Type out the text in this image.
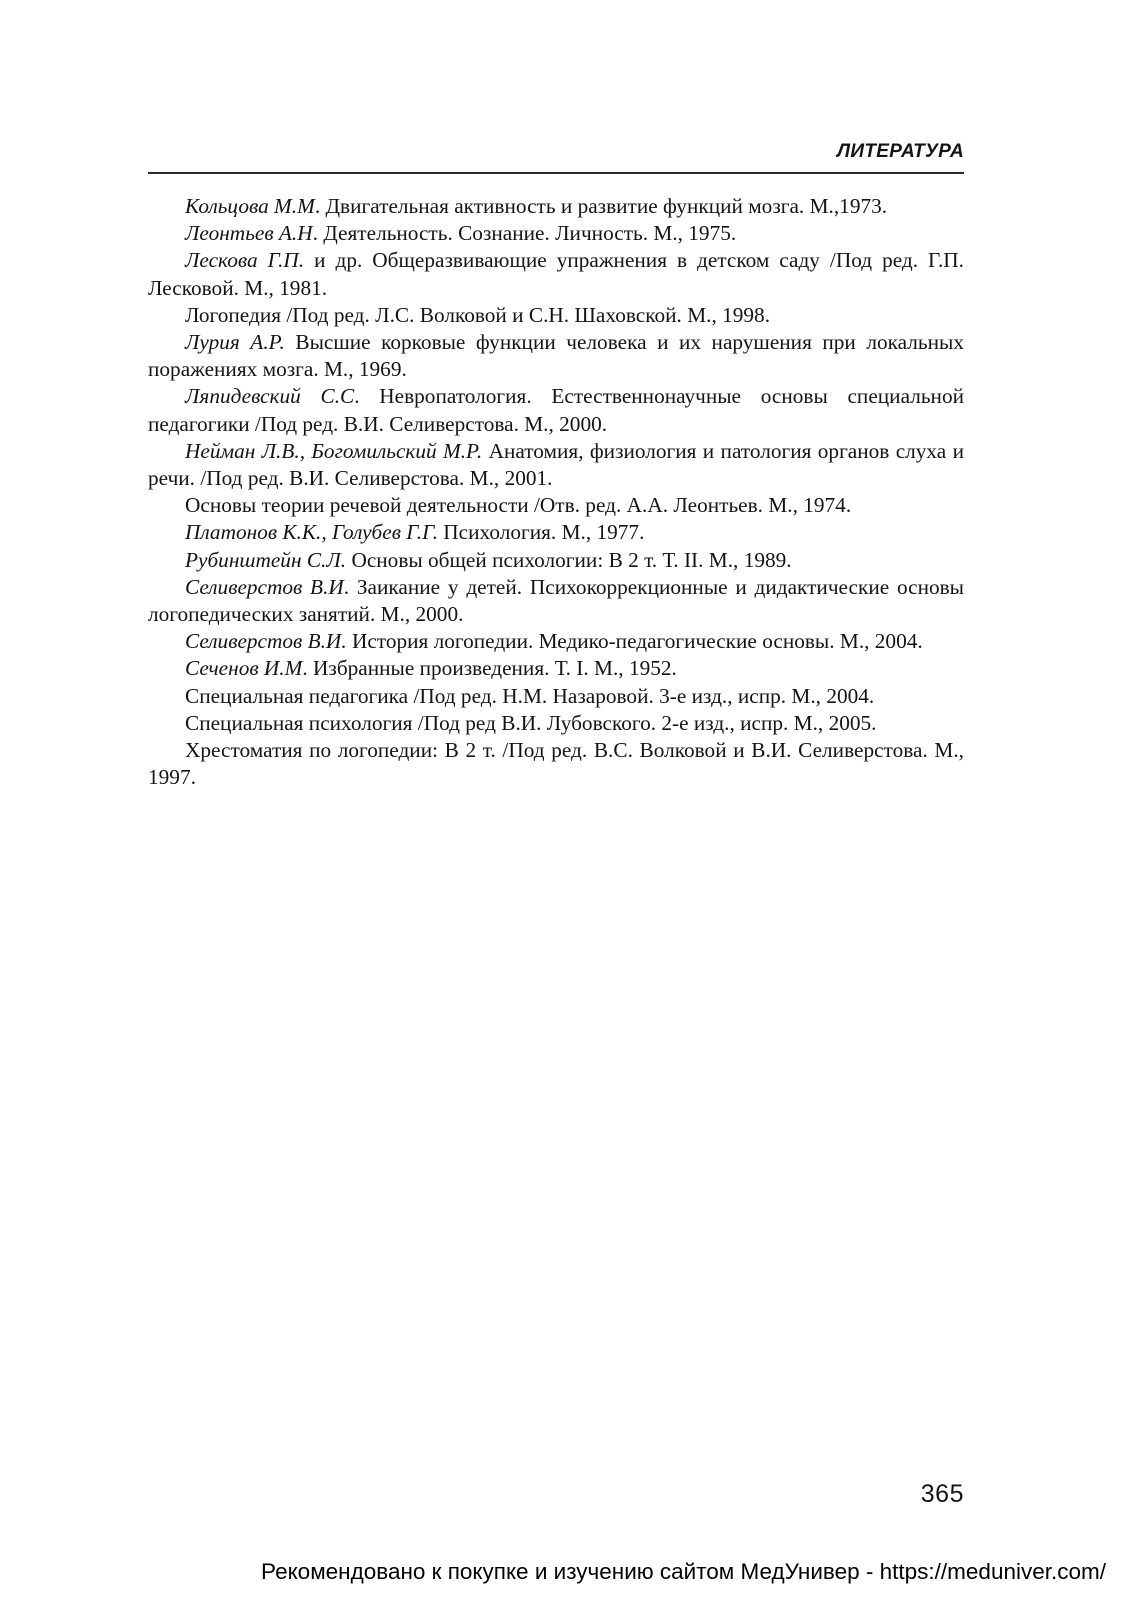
ЛИТЕРАТУРА

Кольцова М.М. Двигательная активность и развитие функций мозга. М.,1973.

Леонтьев А.Н. Деятельность. Сознание. Личность. М., 1975.

Лескова Г.П. и др. Общеразвивающие упражнения в детском саду /Под ред. Г.П. Лесковой. М., 1981.

Логопедия /Под ред. Л.С. Волковой и С.Н. Шаховской. М., 1998.

Лурия А.Р. Высшие корковые функции человека и их нарушения при локальных поражениях мозга. М., 1969.

Ляпидевский С.С. Невропатология. Естественнонаучные основы специальной педагогики /Под ред. В.И. Селиверстова. М., 2000.

Нейман Л.В., Богомильский М.Р. Анатомия, физиология и патология органов слуха и речи. /Под ред. В.И. Селиверстова. М., 2001.

Основы теории речевой деятельности /Отв. ред. А.А. Леонтьев. М., 1974.

Платонов К.К., Голубев Г.Г. Психология. М., 1977.

Рубинштейн С.Л. Основы общей психологии: В 2 т. Т. II. М., 1989.

Селиверстов В.И. Заикание у детей. Психокоррекционные и дидактические основы логопедических занятий. М., 2000.

Селиверстов В.И. История логопедии. Медико-педагогические основы. М., 2004.

Сеченов И.М. Избранные произведения. Т. I. М., 1952.

Специальная педагогика /Под ред. Н.М. Назаровой. 3-е изд., испр. М., 2004.

Специальная психология /Под ред В.И. Лубовского. 2-е изд., испр. М., 2005.

Хрестоматия по логопедии: В 2 т. /Под ред. В.С. Волковой и В.И. Селиверстова. М., 1997.

365
Рекомендовано к покупке и изучению сайтом МедУнивер - https://meduniver.com/
